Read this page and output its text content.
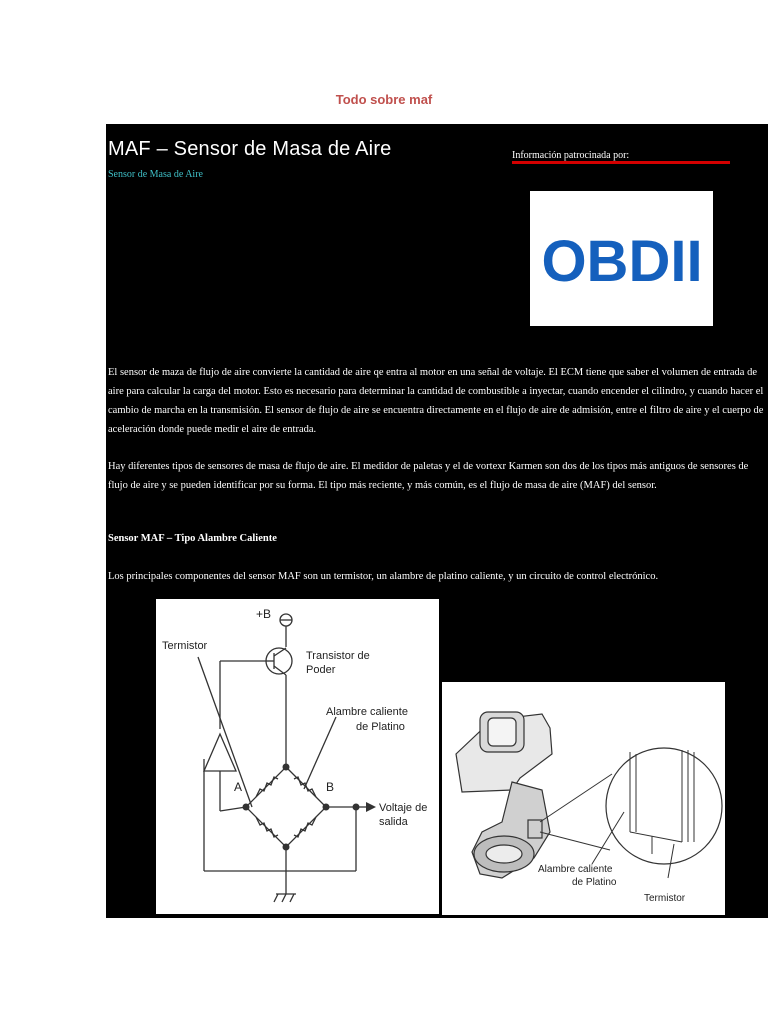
Todo sobre maf
MAF – Sensor de Masa de Aire
Sensor de Masa de Aire
Información patrocinada por:
OBDII

El sensor de maza de flujo de aire convierte la cantidad de aire qe entra al motor en una señal de voltaje. El ECM tiene que saber el volumen de entrada de aire para calcular la carga del motor. Esto es necesario para determinar la cantidad de combustible a inyectar, cuando encender el cilindro, y cuando hacer el cambio de marcha en la transmisión. El sensor de flujo de aire se encuentra directamente en el flujo de aire de admisión, entre el filtro de aire y el cuerpo de aceleración donde puede medir el aire de entrada.

Hay diferentes tipos de sensores de masa de flujo de aire. El medidor de paletas y el de vortexr Karmen son dos de los tipos más antiguos de sensores de flujo de aire y se pueden identificar por su forma. El tipo más reciente, y más común, es el flujo de masa de aire (MAF) del sensor.

Sensor MAF – Tipo Alambre Caliente

Los principales componentes del sensor MAF son un termistor, un alambre de platino caliente, y un circuito de control electrónico.

+B
Termistor
Transistor de
Poder
Alambre caliente
de Platino
A	B
Voltaje de
salida
Alambre caliente
de Platino
Termistor
